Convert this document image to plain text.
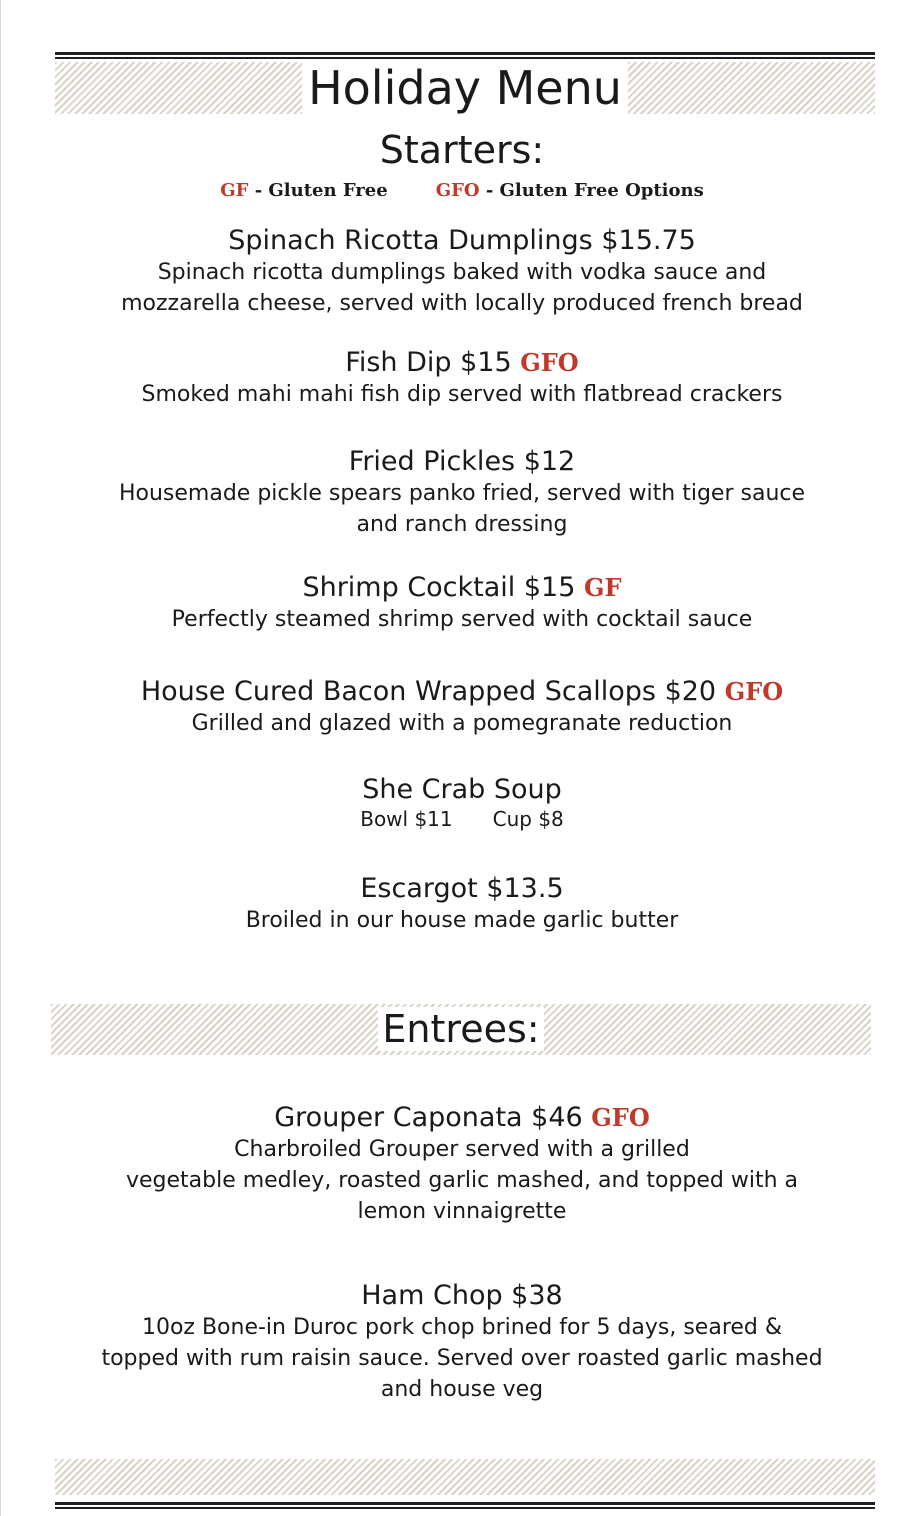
Holiday Menu
Starters:
GF - Gluten Free	GFO - Gluten Free Options
Spinach Ricotta Dumplings $15.75
Spinach ricotta dumplings baked with vodka sauce and
mozzarella cheese, served with locally produced french bread
Fish Dip $15 GFO
Smoked mahi mahi fish dip served with flatbread crackers
Fried Pickles $12
Housemade pickle spears panko fried, served with tiger sauce
and ranch dressing
Shrimp Cocktail $15 GF
Perfectly steamed shrimp served with cocktail sauce
House Cured Bacon Wrapped Scallops $20 GFO
Grilled and glazed with a pomegranate reduction
She Crab Soup
Bowl $11 Cup $8
Escargot $13.5
Broiled in our house made garlic butter
Entrees:
Grouper Caponata $46 GFO
Charbroiled Grouper served with a grilled
vegetable medley, roasted garlic mashed, and topped with a
lemon vinnaigrette
Ham Chop $38
10oz Bone-in Duroc pork chop brined for 5 days, seared &
topped with rum raisin sauce. Served over roasted garlic mashed
and house veg
